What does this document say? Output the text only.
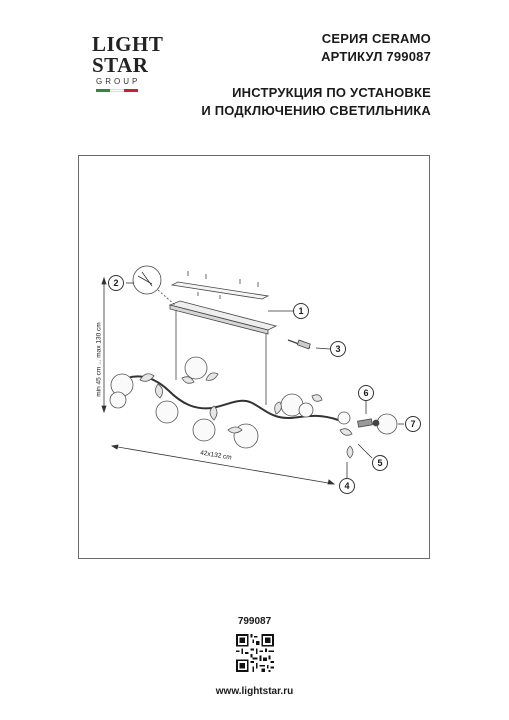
LIGHT
STAR
GROUP
СЕРИЯ CERAMO
АРТИКУЛ 799087
ИНСТРУКЦИЯ ПО УСТАНОВКЕ
И ПОДКЛЮЧЕНИЮ СВЕТИЛЬНИКА
min 45 cm ... max 130 cm
42x132 cm
1
2
3
4
5
6
7
799087
www.lightstar.ru
